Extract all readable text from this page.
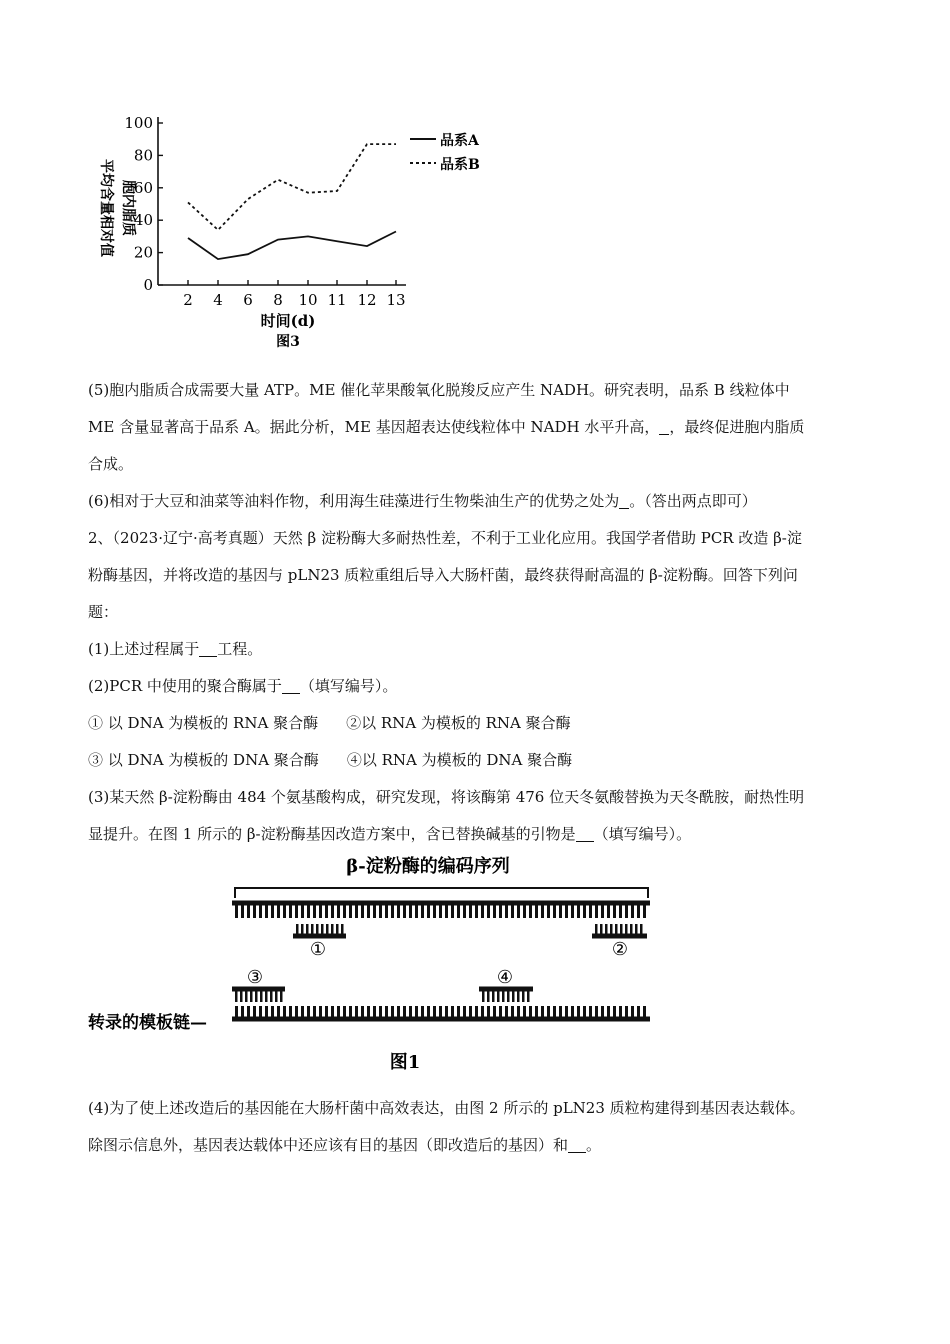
100
80
60
40
20
0
2 4 6 8 10 11 12 13
品系A
品系B
胞内脂质
平均含量相对值
时间(d)
图3
(5)胞内脂质合成需要大量 ATP。ME 催化苹果酸氧化脱羧反应产生 NADH。研究表明，品系 B 线粒体中
ME 含量显著高于品系 A。据此分析，ME 基因超表达使线粒体中 NADH 水平升高， ，最终促进胞内脂质
合成。
(6)相对于大豆和油菜等油料作物，利用海生硅藻进行生物柴油生产的优势之处为 。（答出两点即可）
2、（2023·辽宁·高考真题）天然 β 淀粉酶大多耐热性差，不利于工业化应用。我国学者借助 PCR 改造 β-淀
粉酶基因，并将改造的基因与 pLN23 质粒重组后导入大肠杆菌，最终获得耐高温的 β-淀粉酶。回答下列问
题：
(1)上述过程属于 工程。
(2)PCR 中使用的聚合酶属于 （填写编号）。
① 以 DNA 为模板的 RNA 聚合酶 ②以 RNA 为模板的 RNA 聚合酶
③ 以 DNA 为模板的 DNA 聚合酶 ④以 RNA 为模板的 DNA 聚合酶
(3)某天然 β-淀粉酶由 484 个氨基酸构成，研究发现，将该酶第 476 位天冬氨酸替换为天冬酰胺，耐热性明
显提升。在图 1 所示的 β-淀粉酶基因改造方案中，含已替换碱基的引物是 （填写编号）。
β-淀粉酶的编码序列
①	②
③	④
转录的模板链—
图1
(4)为了使上述改造后的基因能在大肠杆菌中高效表达，由图 2 所示的 pLN23 质粒构建得到基因表达载体。
除图示信息外，基因表达载体中还应该有目的基因（即改造后的基因）和 。
